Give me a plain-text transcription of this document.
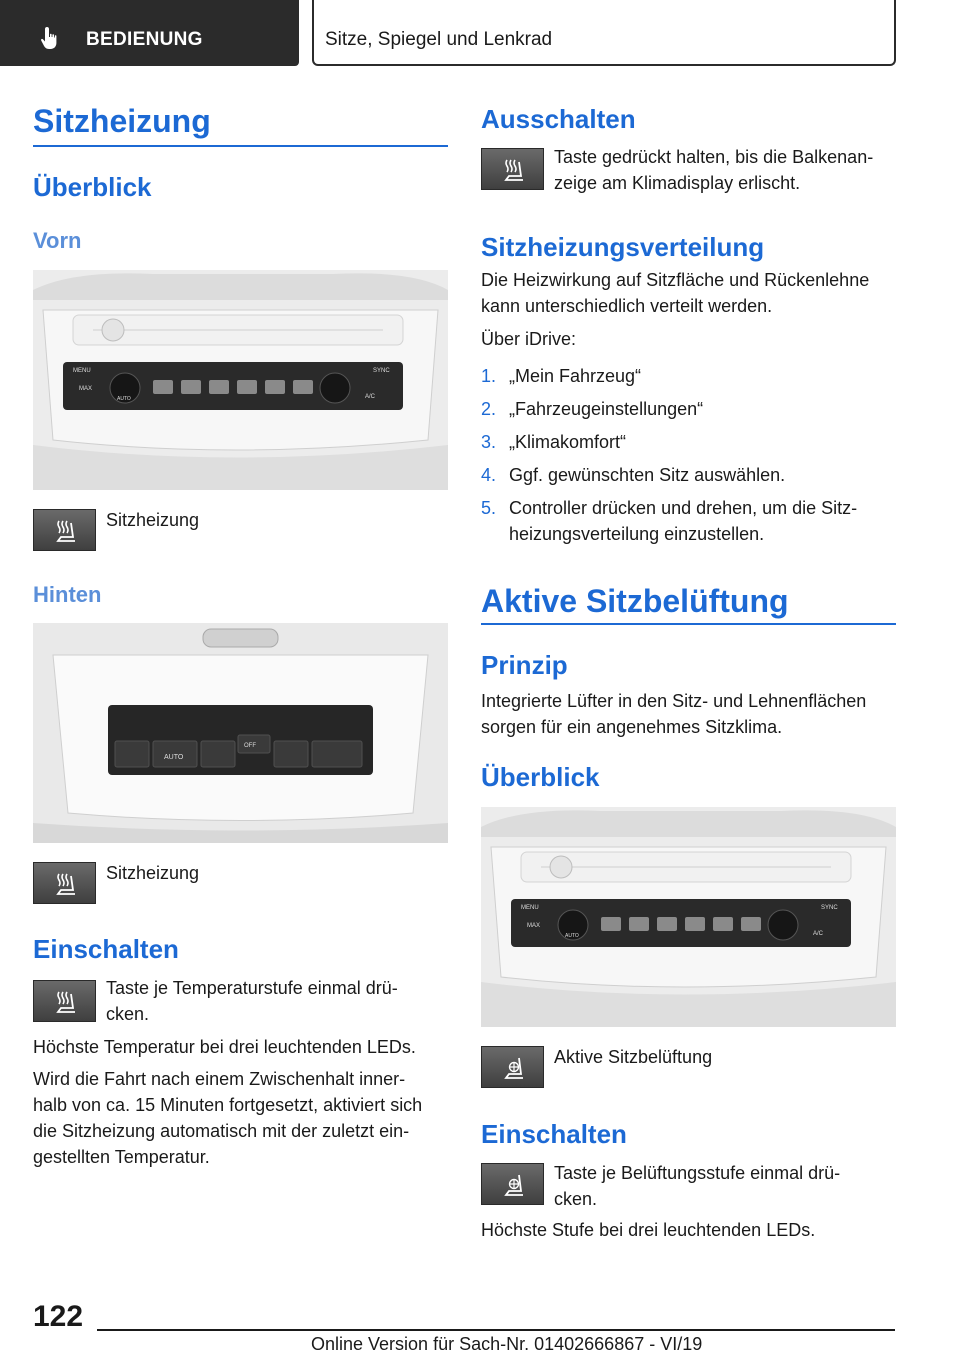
BEDIENUNG	Sitze, Spiegel und Lenkrad
Sitzheizung
Überblick
Vorn
MENU
MAX
AUTO
SYNC
A/C
Sitzheizung
Hinten
AUTO
OFF
Sitzheizung
Einschalten
Taste je Temperaturstufe einmal drü-
cken.
Höchste Temperatur bei drei leuchtenden LEDs.
Wird die Fahrt nach einem Zwischenhalt inner-
halb von ca. 15 Minuten fortgesetzt, aktiviert sich
die Sitzheizung automatisch mit der zuletzt ein-
gestellten Temperatur.
Ausschalten
Taste gedrückt halten, bis die Balkenan-
zeige am Klimadisplay erlischt.
Sitzheizungsverteilung
Die Heizwirkung auf Sitzfläche und Rückenlehne
kann unterschiedlich verteilt werden.
Über iDrive:
1. „Mein Fahrzeug“
2. „Fahrzeugeinstellungen“
3. „Klimakomfort“
4. Ggf. gewünschten Sitz auswählen.
5. Controller drücken und drehen, um die Sitz-
heizungsverteilung einzustellen.
Aktive Sitzbelüftung
Prinzip
Integrierte Lüfter in den Sitz- und Lehnenflächen
sorgen für ein angenehmes Sitzklima.
Überblick
MENU
MAX
AUTO
SYNC
A/C
Aktive Sitzbelüftung
Einschalten
Taste je Belüftungsstufe einmal drü-
cken.
Höchste Stufe bei drei leuchtenden LEDs.
122
Online Version für Sach-Nr. 01402666867 - VI/19
